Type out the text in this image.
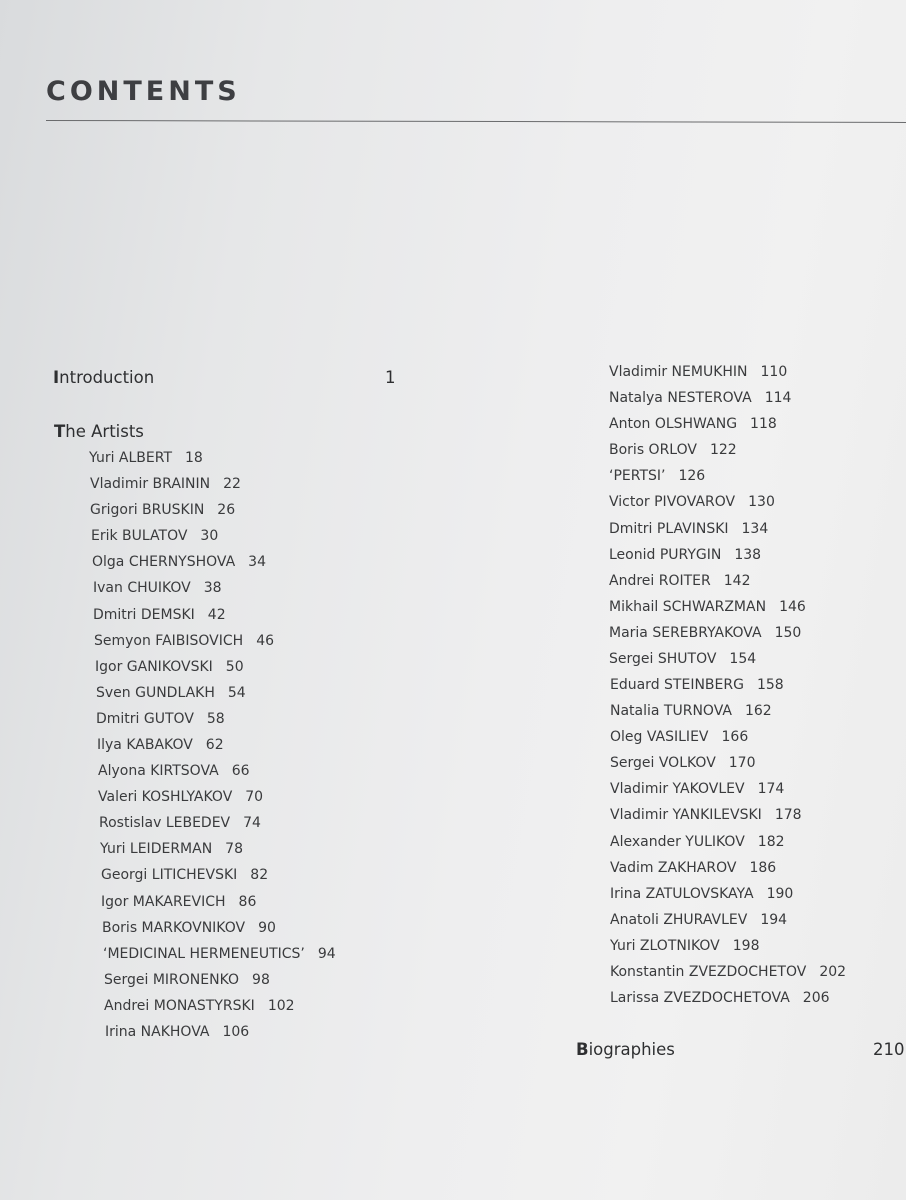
CONTENTS
Introduction	1
The Artists
Yuri ALBERT 18
Vladimir BRAININ 22
Grigori BRUSKIN 26
Erik BULATOV 30
Olga CHERNYSHOVA 34
Ivan CHUIKOV 38
Dmitri DEMSKI 42
Semyon FAIBISOVICH 46
Igor GANIKOVSKI 50
Sven GUNDLAKH 54
Dmitri GUTOV 58
Ilya KABAKOV 62
Alyona KIRTSOVA 66
Valeri KOSHLYAKOV 70
Rostislav LEBEDEV 74
Yuri LEIDERMAN 78
Georgi LITICHEVSKI 82
Igor MAKAREVICH 86
Boris MARKOVNIKOV 90
‘MEDICINAL HERMENEUTICS’ 94
Sergei MIRONENKO 98
Andrei MONASTYRSKI 102
Irina NAKHOVA 106
Vladimir NEMUKHIN 110
Natalya NESTEROVA 114
Anton OLSHWANG 118
Boris ORLOV 122
‘PERTSI’ 126
Victor PIVOVAROV 130
Dmitri PLAVINSKI 134
Leonid PURYGIN 138
Andrei ROITER 142
Mikhail SCHWARZMAN 146
Maria SEREBRYAKOVA 150
Sergei SHUTOV 154
Eduard STEINBERG 158
Natalia TURNOVA 162
Oleg VASILIEV 166
Sergei VOLKOV 170
Vladimir YAKOVLEV 174
Vladimir YANKILEVSKI 178
Alexander YULIKOV 182
Vadim ZAKHAROV 186
Irina ZATULOVSKAYA 190
Anatoli ZHURAVLEV 194
Yuri ZLOTNIKOV 198
Konstantin ZVEZDOCHETOV 202
Larissa ZVEZDOCHETOVA 206
Biographies	210
